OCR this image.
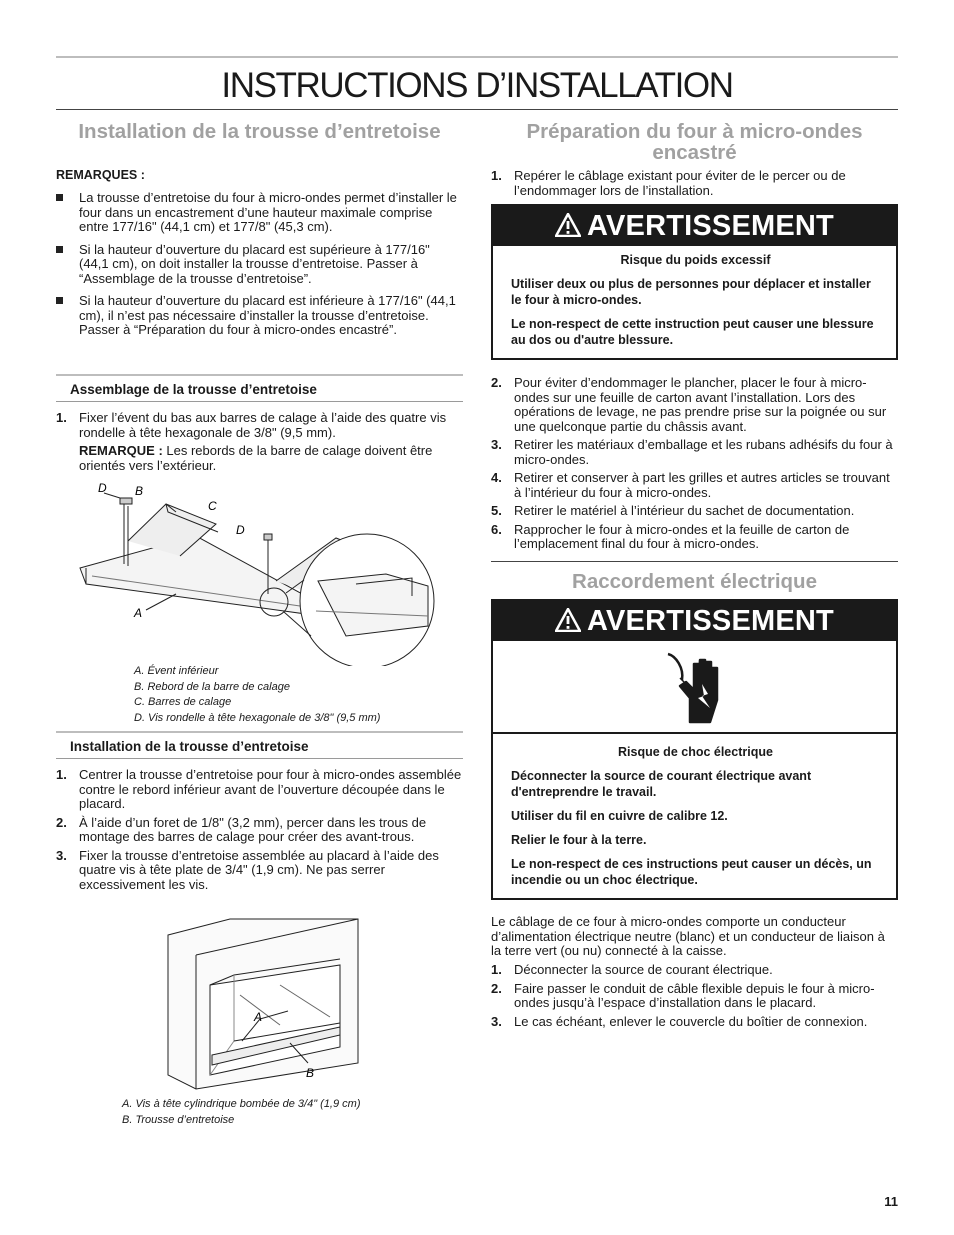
INSTRUCTIONS D’INSTALLATION
Installation de la trousse d’entretoise
REMARQUES :
La trousse d’entretoise du four à micro-ondes permet d’installer le four dans un encastrement d’une hauteur maximale comprise entre 177/16" (44,1 cm) et 177/8" (45,3 cm).
Si la hauteur d’ouverture du placard est supérieure à 177/16" (44,1 cm), on doit installer la trousse d’entretoise. Passer à “Assemblage de la trousse d’entretoise”.
Si la hauteur d’ouverture du placard est inférieure à 177/16" (44,1 cm), il n’est pas nécessaire d’installer la trousse d’entretoise. Passer à “Préparation du four à micro-ondes encastré”.
Assemblage de la trousse d’entretoise
1. Fixer l’évent du bas aux barres de calage à l’aide des quatre vis rondelle à tête hexagonale de 3/8" (9,5 mm).
REMARQUE : Les rebords de la barre de calage doivent être orientés vers l’extérieur.
D B
C
D
A
A. Évent inférieur
B. Rebord de la barre de calage
C. Barres de calage
D. Vis rondelle à tête hexagonale de 3/8" (9,5 mm)
Installation de la trousse d’entretoise
1. Centrer la trousse d’entretoise pour four à micro-ondes assemblée contre le rebord inférieur avant de l’ouverture découpée dans le placard.
2. À l’aide d’un foret de 1/8" (3,2 mm), percer dans les trous de montage des barres de calage pour créer des avant-trous.
3. Fixer la trousse d’entretoise assemblée au placard à l’aide des quatre vis à tête plate de 3/4" (1,9 cm). Ne pas serrer excessivement les vis.
A
B
A. Vis à tête cylindrique bombée de 3/4" (1,9 cm)
B. Trousse d’entretoise
Préparation du four à micro-ondes encastré
1. Repérer le câblage existant pour éviter de le percer ou de l’endommager lors de l’installation.
AVERTISSEMENT

Risque du poids excessif

Utiliser deux ou plus de personnes pour déplacer et installer le four à micro-ondes.

Le non-respect de cette instruction peut causer une blessure au dos ou d'autre blessure.

2. Pour éviter d’endommager le plancher, placer le four à micro-ondes sur une feuille de carton avant l’installation. Lors des opérations de levage, ne pas prendre prise sur la poignée ou sur une quelconque partie du châssis avant.
3. Retirer les matériaux d’emballage et les rubans adhésifs du four à micro-ondes.
4. Retirer et conserver à part les grilles et autres articles se trouvant à l’intérieur du four à micro-ondes.
5. Retirer le matériel à l’intérieur du sachet de documentation.
6. Rapprocher le four à micro-ondes et la feuille de carton de l’emplacement final du four à micro-ondes.
Raccordement électrique
AVERTISSEMENT

Risque de choc électrique

Déconnecter la source de courant électrique avant d'entreprendre le travail.

Utiliser du fil en cuivre de calibre 12.

Relier le four à la terre.

Le non-respect de ces instructions peut causer un décès, un incendie ou un choc électrique.

Le câblage de ce four à micro-ondes comporte un conducteur d’alimentation électrique neutre (blanc) et un conducteur de liaison à la terre vert (ou nu) connecté à la caisse.
1. Déconnecter la source de courant électrique.
2. Faire passer le conduit de câble flexible depuis le four à micro-ondes jusqu’à l’espace d’installation dans le placard.
3. Le cas échéant, enlever le couvercle du boîtier de connexion.
11
